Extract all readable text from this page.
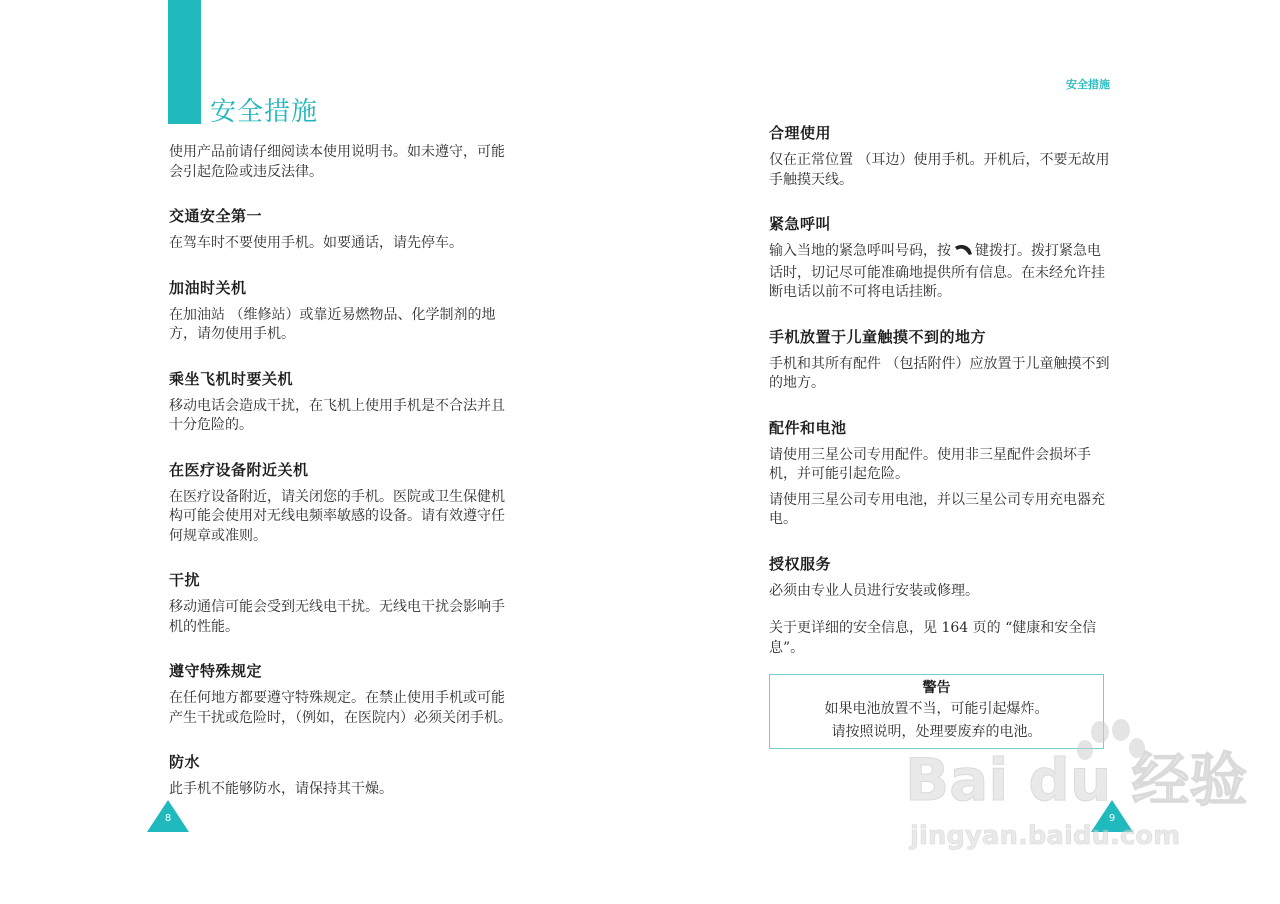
安全措施

使用产品前请仔细阅读本使用说明书。如未遵守，可能会引起危险或违反法律。

交通安全第一

在驾车时不要使用手机。如要通话，请先停车。

加油时关机

在加油站 （维修站）或靠近易燃物品、化学制剂的地方，请勿使用手机。

乘坐飞机时要关机

移动电话会造成干扰，在飞机上使用手机是不合法并且十分危险的。

在医疗设备附近关机

在医疗设备附近，请关闭您的手机。医院或卫生保健机构可能会使用对无线电频率敏感的设备。请有效遵守任何规章或准则。

干扰

移动通信可能会受到无线电干扰。无线电干扰会影响手机的性能。

遵守特殊规定

在任何地方都要遵守特殊规定。在禁止使用手机或可能产生干扰或危险时，（例如，在医院内）必须关闭手机。

防水

此手机不能够防水，请保持其干燥。

8
安全措施
合理使用

仅在正常位置 （耳边）使用手机。开机后，不要无故用手触摸天线。

紧急呼叫

输入当地的紧急呼叫号码，按 键拨打。拨打紧急电话时，切记尽可能准确地提供所有信息。在未经允许挂断电话以前不可将电话挂断。

手机放置于儿童触摸不到的地方

手机和其所有配件 （包括附件）应放置于儿童触摸不到的地方。

配件和电池

请使用三星公司专用配件。使用非三星配件会损坏手机，并可能引起危险。

请使用三星公司专用电池，并以三星公司专用充电器充电。

授权服务

必须由专业人员进行安装或修理。

关于更详细的安全信息，见 164 页的 “健康和安全信息”。

警告

如果电池放置不当，可能引起爆炸。

请按照说明，处理要废弃的电池。

9
Bai du 经验
jingyan.baidu.com
